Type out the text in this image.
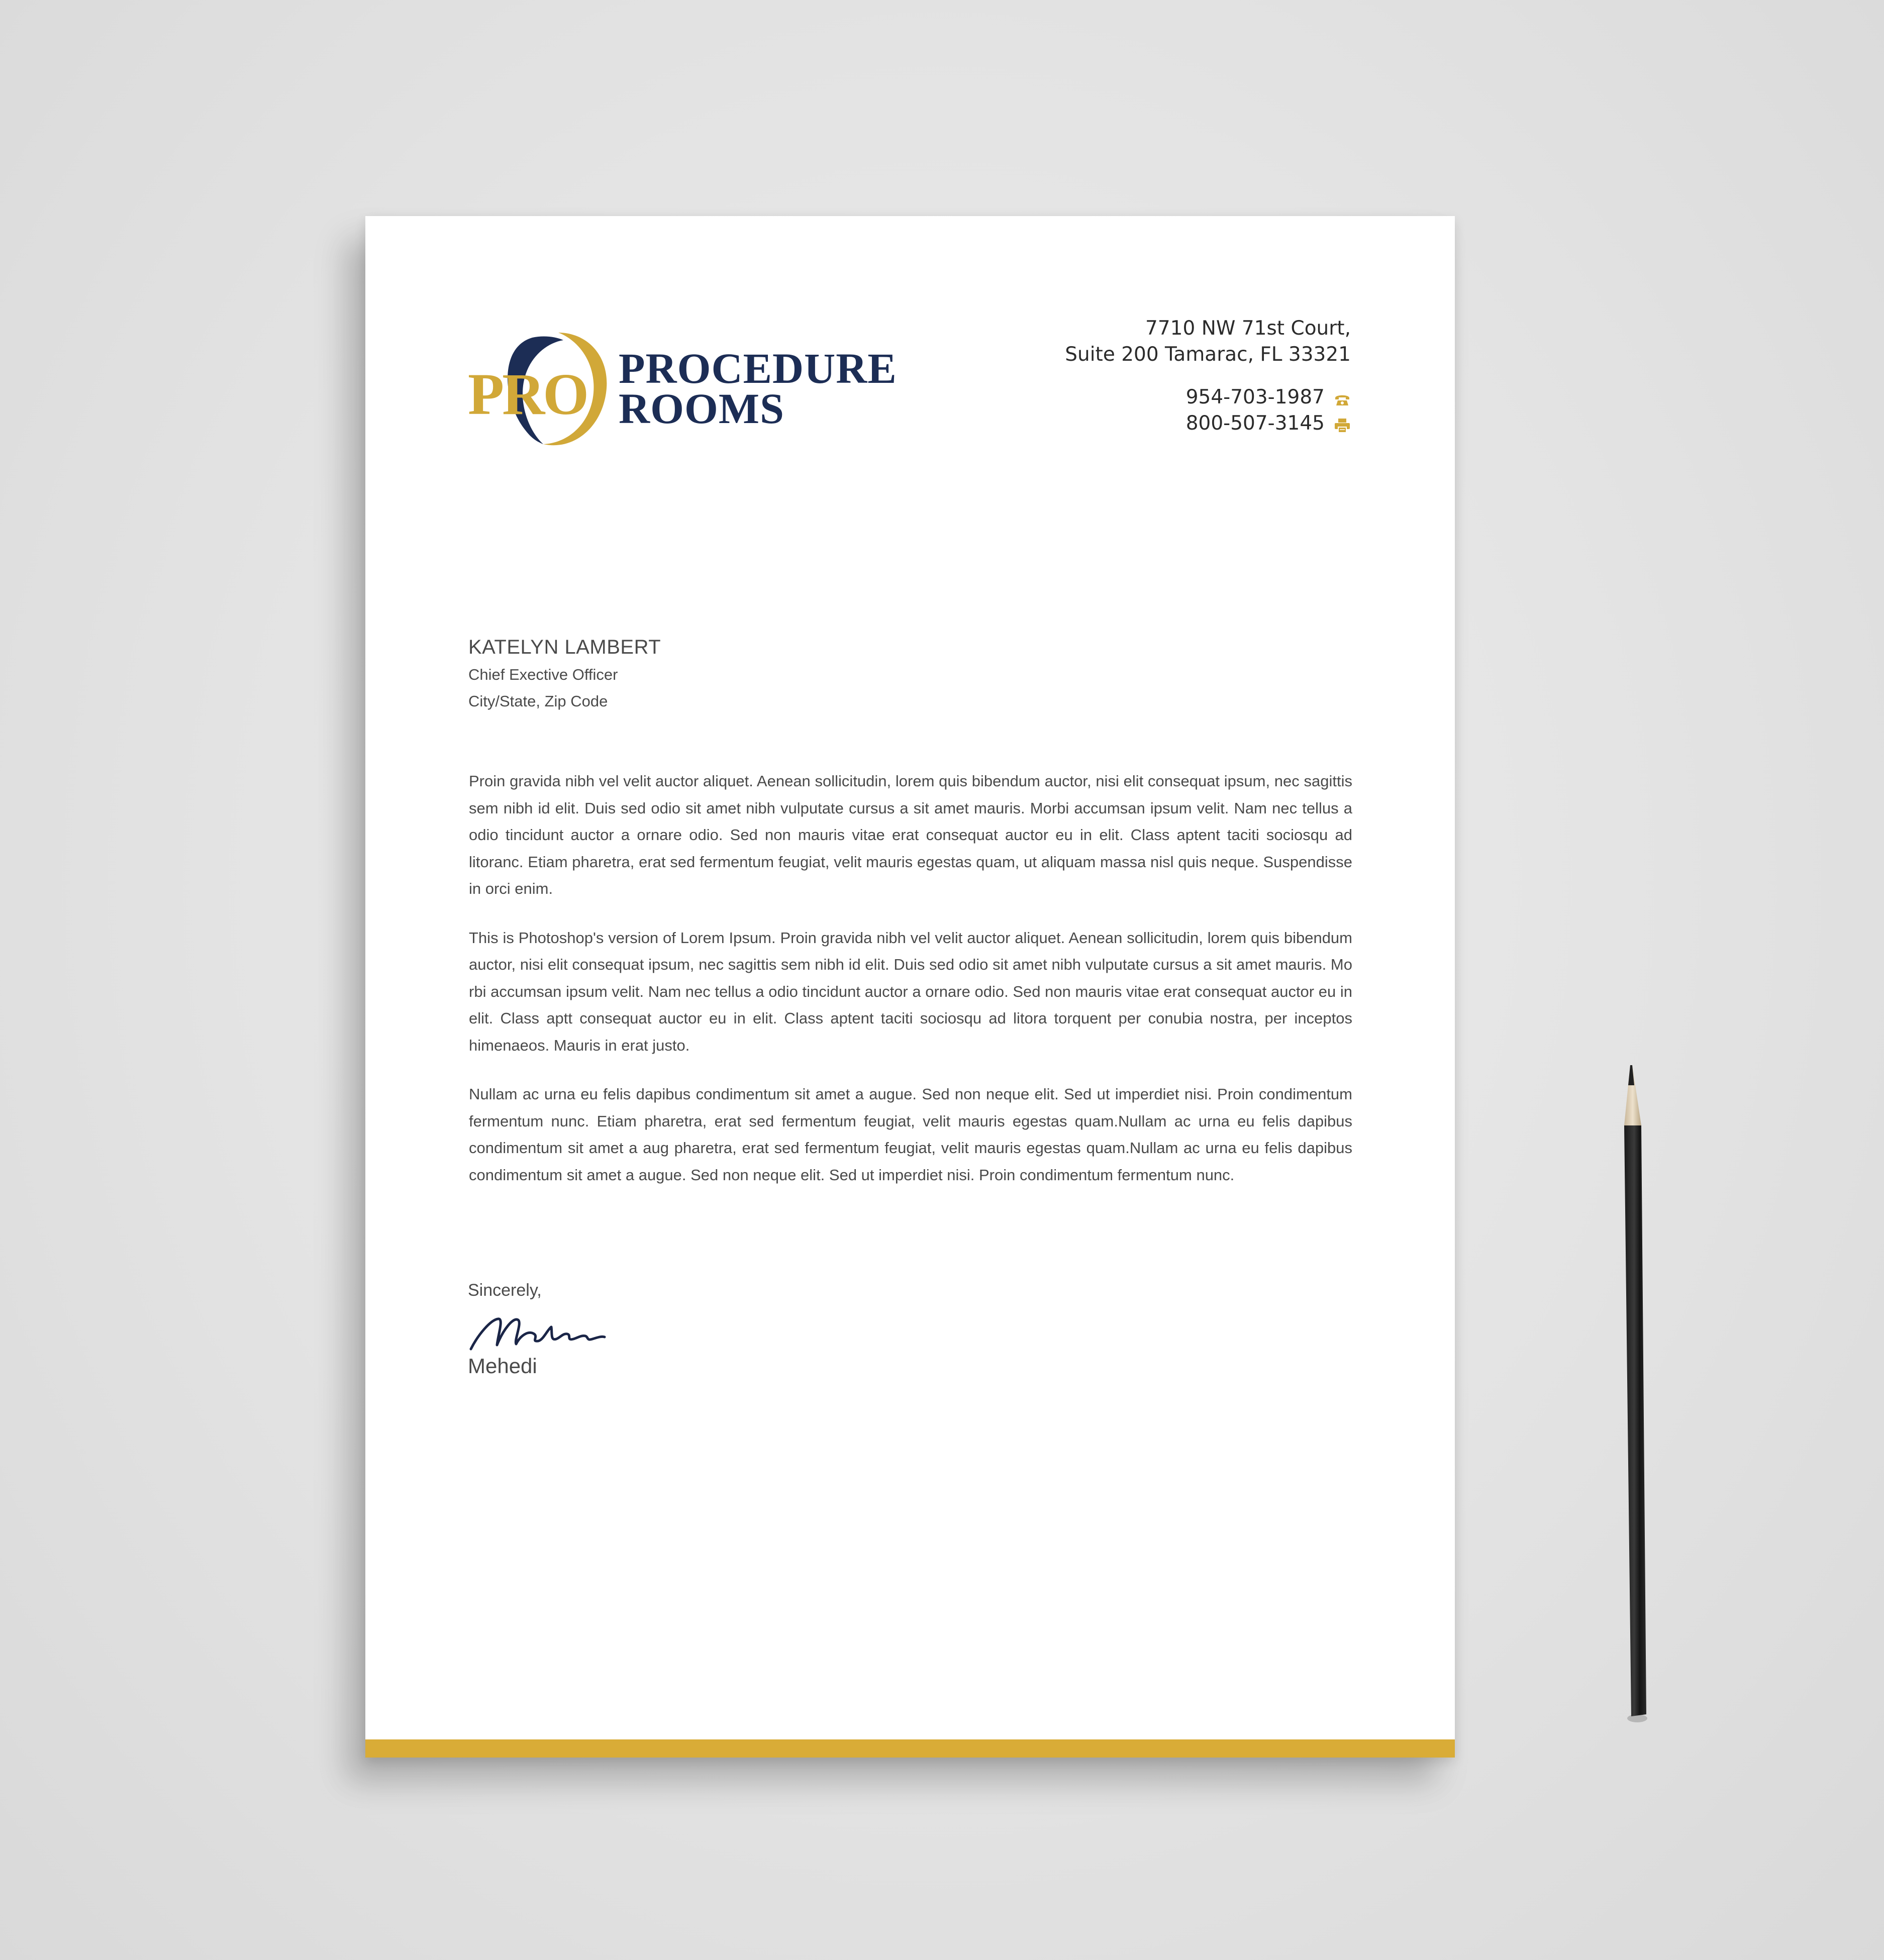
PRO PROCEDURE
ROOMS
7710 NW 71st Court,
Suite 200 Tamarac, FL 33321
954-703-1987
800-507-3145
KATELYN LAMBERT
Chief Exective Officer
City/State, Zip Code

Proin gravida nibh vel velit auctor aliquet. Aenean sollicitudin, lorem quis bibendum auctor, nisi elit consequat ipsum, nec sagittis sem nibh id elit. Duis sed odio sit amet nibh vulputate cursus a sit amet mauris. Morbi accumsan ipsum velit. Nam nec tellus a odio tincidunt auctor a ornare odio. Sed non mauris vitae erat consequat auctor eu in elit. Class aptent taciti sociosqu ad litoranc. Etiam pharetra, erat sed fermentum feugiat, velit mauris egestas quam, ut aliquam massa nisl quis neque. Suspendisse in orci enim.

This is Photoshop's version of Lorem Ipsum. Proin gravida nibh vel velit auctor aliquet. Aenean sollicitudin, lorem quis bibendum auctor, nisi elit consequat ipsum, nec sagittis sem nibh id elit. Duis sed odio sit amet nibh vulputate cursus a sit amet mauris. Mo rbi accumsan ipsum velit. Nam nec tellus a odio tincidunt auctor a ornare odio. Sed non mauris vitae erat consequat auctor eu in elit. Class aptt consequat auctor eu in elit. Class aptent taciti sociosqu ad litora torquent per conubia nostra, per inceptos himenaeos. Mauris in erat justo.

Nullam ac urna eu felis dapibus condimentum sit amet a augue. Sed non neque elit. Sed ut imperdiet nisi. Proin condimentum fermentum nunc. Etiam pharetra, erat sed fermentum feugiat, velit mauris egestas quam.Nullam ac urna eu felis dapibus condimentum sit amet a aug pharetra, erat sed fermentum feugiat, velit mauris egestas quam.Nullam ac urna eu felis dapibus condimentum sit amet a augue. Sed non neque elit. Sed ut imperdiet nisi. Proin condimentum fermentum nunc.

Sincerely,
Mehedi
